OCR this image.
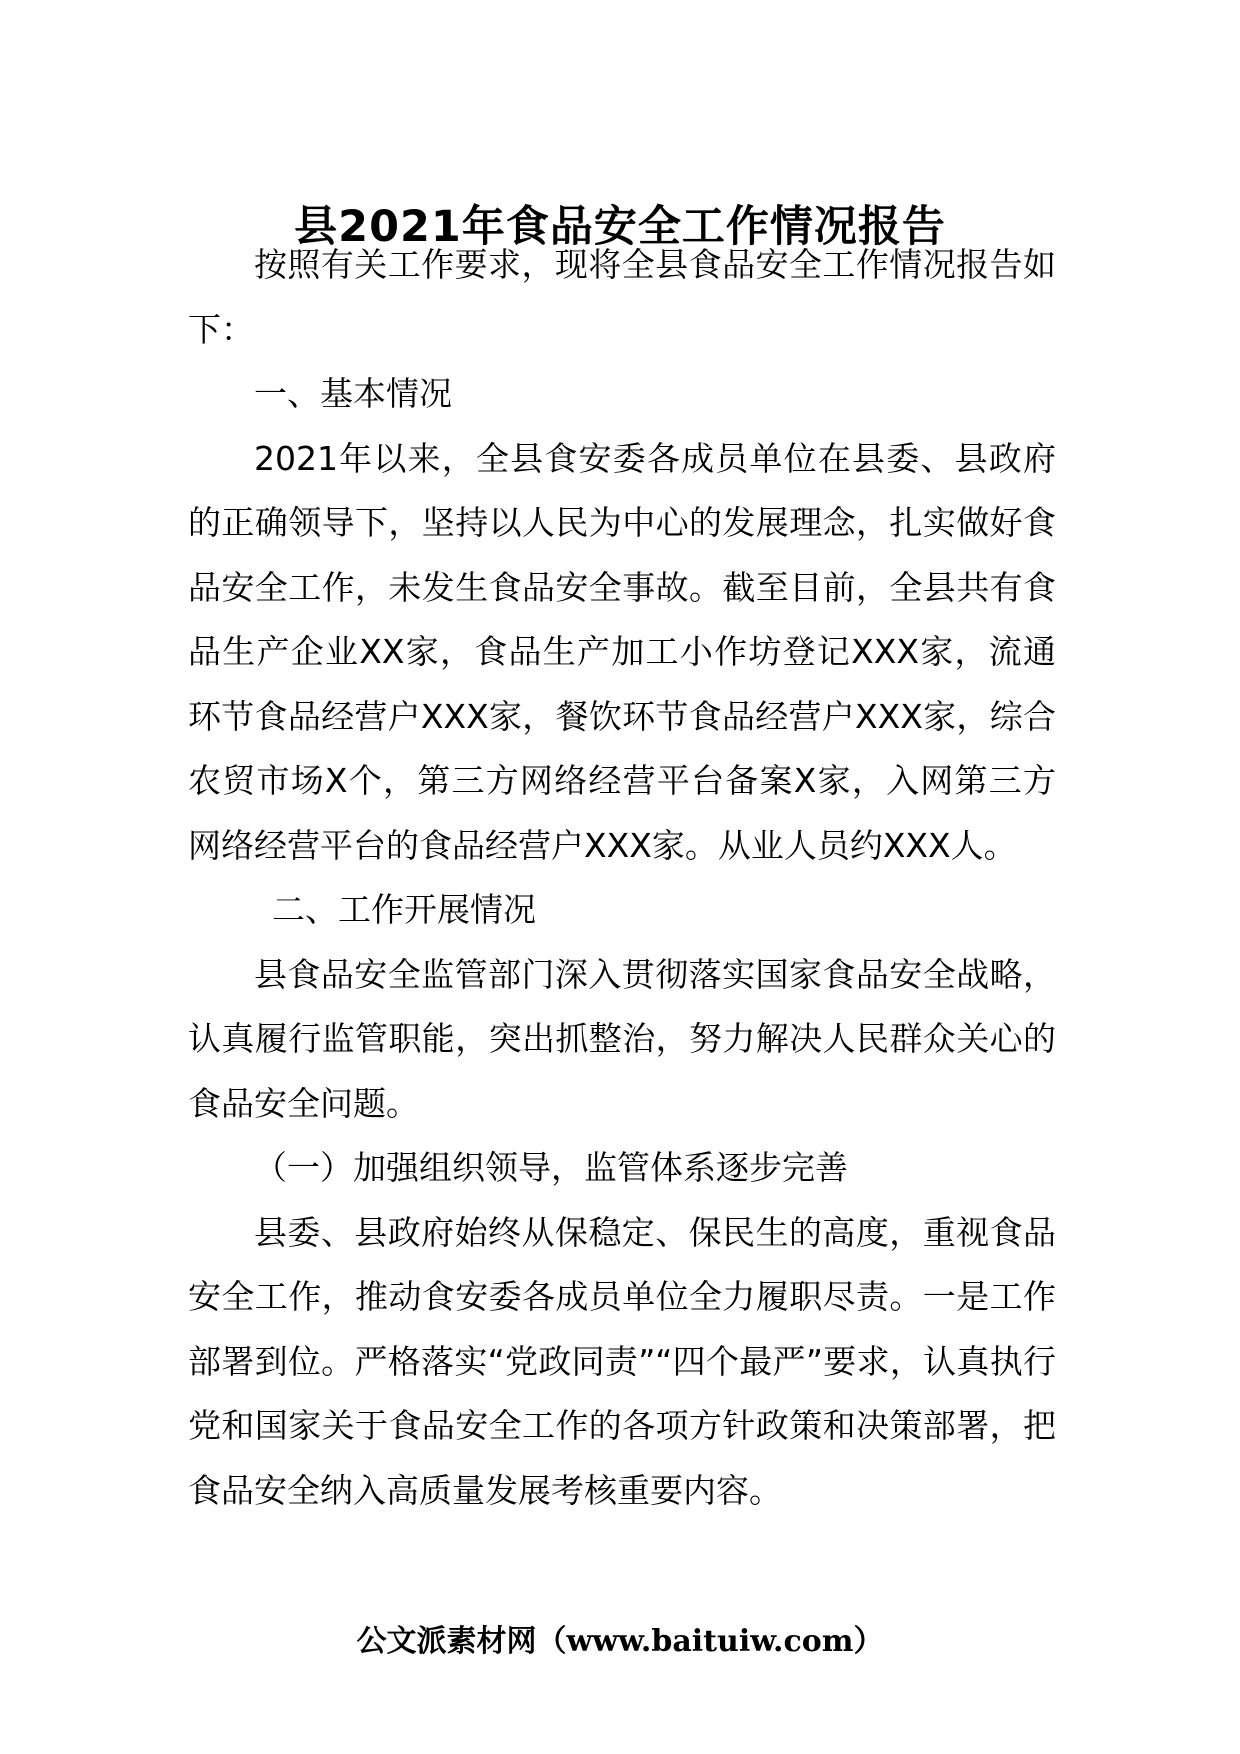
县2021年食品安全工作情况报告

按照有关工作要求，现将全县食品安全工作情况报告如下：

一、基本情况

2021年以来，全县食安委各成员单位在县委、县政府的正确领导下，坚持以人民为中心的发展理念，扎实做好食品安全工作，未发生食品安全事故。截至目前，全县共有食品生产企业XX家，食品生产加工小作坊登记XXX家，流通环节食品经营户XXX家，餐饮环节食品经营户XXX家，综合农贸市场X个，第三方网络经营平台备案X家，入网第三方网络经营平台的食品经营户XXX家。从业人员约XXX人。

二、工作开展情况

县食品安全监管部门深入贯彻落实国家食品安全战略，认真履行监管职能，突出抓整治，努力解决人民群众关心的食品安全问题。

（一）加强组织领导，监管体系逐步完善

县委、县政府始终从保稳定、保民生的高度，重视食品安全工作，推动食安委各成员单位全力履职尽责。一是工作部署到位。严格落实“党政同责”“四个最严”要求，认真执行党和国家关于食品安全工作的各项方针政策和决策部署，把食品安全纳入高质量发展考核重要内容。

公文派素材网（www.baituiw.com）
